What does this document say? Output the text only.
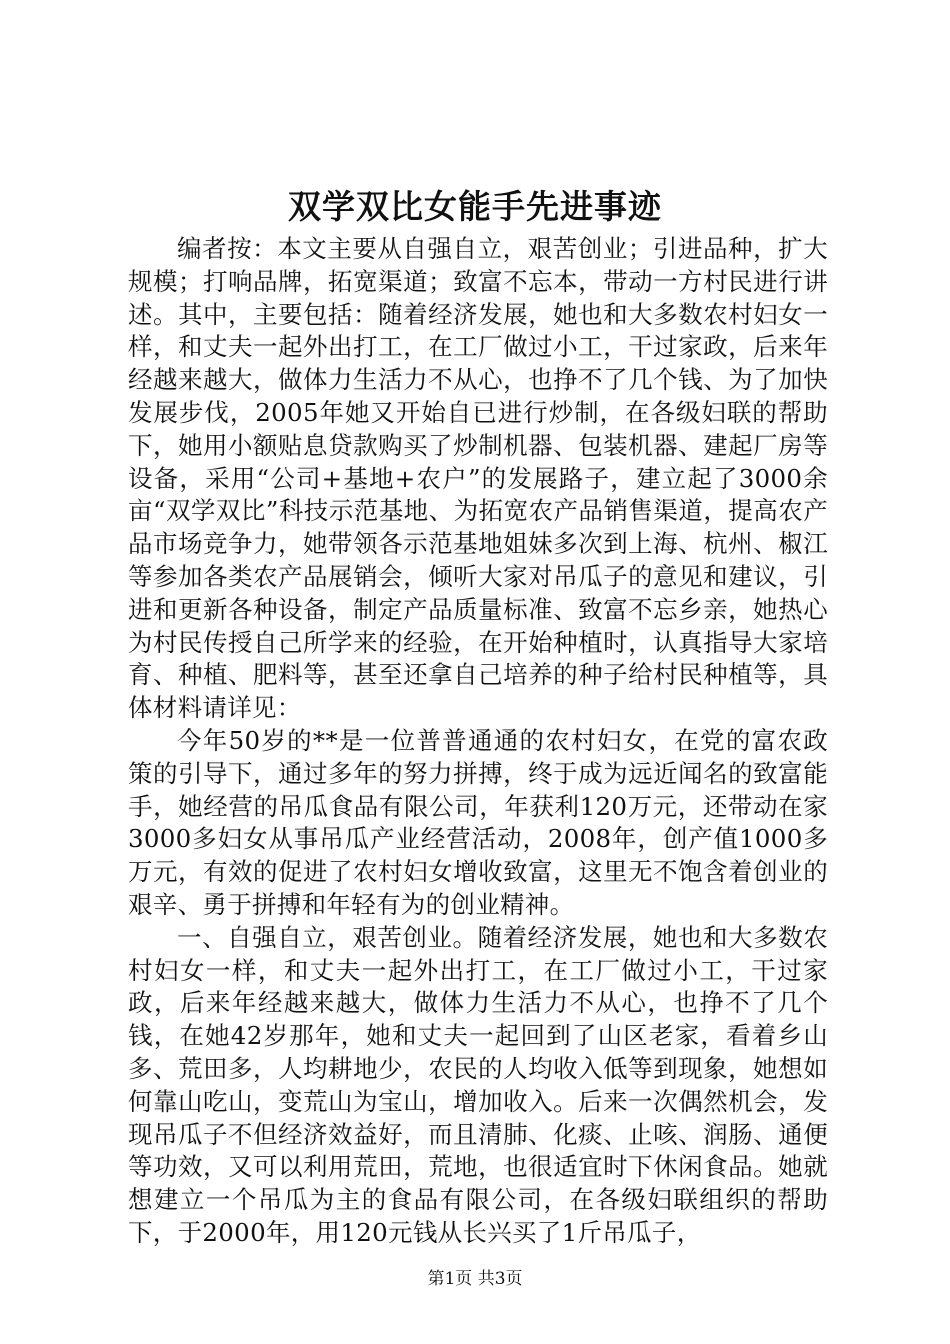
双学双比女能手先进事迹

编者按：本文主要从自强自立，艰苦创业；引进品种，扩大规模；打响品牌，拓宽渠道；致富不忘本，带动一方村民进行讲述。其中，主要包括：随着经济发展，她也和大多数农村妇女一样，和丈夫一起外出打工，在工厂做过小工，干过家政，后来年经越来越大，做体力生活力不从心，也挣不了几个钱、为了加快发展步伐，2005年她又开始自已进行炒制，在各级妇联的帮助下，她用小额贴息贷款购买了炒制机器、包装机器、建起厂房等设备，采用“公司+基地+农户”的发展路子，建立起了3000余亩“双学双比”科技示范基地、为拓宽农产品销售渠道，提高农产品市场竞争力，她带领各示范基地姐妹多次到上海、杭州、椒江等参加各类农产品展销会，倾听大家对吊瓜子的意见和建议，引进和更新各种设备，制定产品质量标准、致富不忘乡亲，她热心为村民传授自己所学来的经验，在开始种植时，认真指导大家培育、种植、肥料等，甚至还拿自己培养的种子给村民种植等，具体材料请详见：

今年50岁的**是一位普普通通的农村妇女，在党的富农政策的引导下，通过多年的努力拼搏，终于成为远近闻名的致富能手，她经营的吊瓜食品有限公司，年获利120万元，还带动在家3000多妇女从事吊瓜产业经营活动，2008年，创产值1000多万元，有效的促进了农村妇女增收致富，这里无不饱含着创业的艰辛、勇于拼搏和年轻有为的创业精神。

一、自强自立，艰苦创业。随着经济发展，她也和大多数农村妇女一样，和丈夫一起外出打工，在工厂做过小工，干过家政，后来年经越来越大，做体力生活力不从心，也挣不了几个钱，在她42岁那年，她和丈夫一起回到了山区老家，看着乡山多、荒田多，人均耕地少，农民的人均收入低等到现象，她想如何靠山吃山，变荒山为宝山，增加收入。后来一次偶然机会，发现吊瓜子不但经济效益好，而且清肺、化痰、止咳、润肠、通便等功效，又可以利用荒田，荒地，也很适宜时下休闲食品。她就想建立一个吊瓜为主的食品有限公司，在各级妇联组织的帮助下，于2000年，用120元钱从长兴买了1斤吊瓜子，

第1页 共3页
